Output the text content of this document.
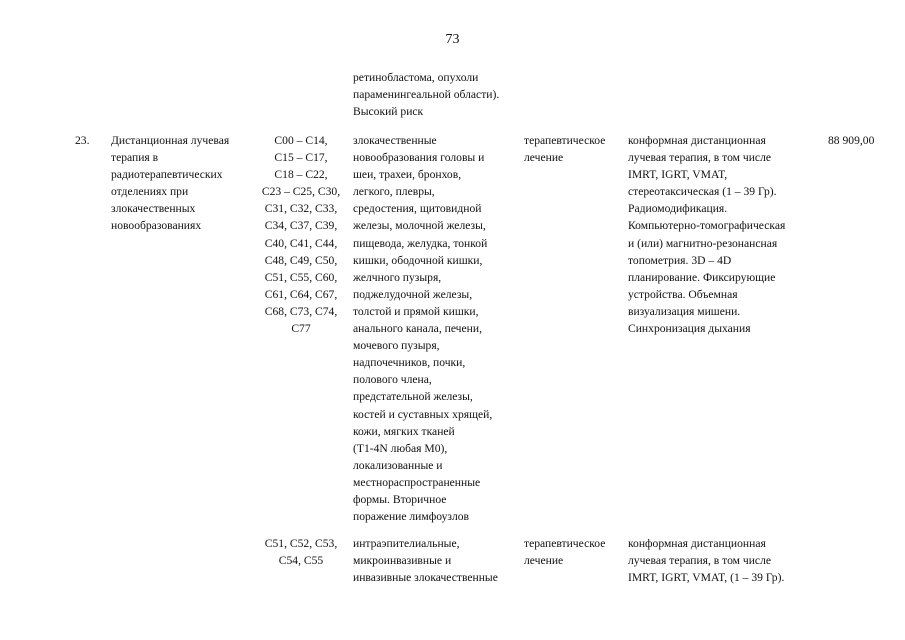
73
ретинобластома, опухоли
параменингеальной области).
Высокий риск
23. Дистанционная лучевая
терапия в
радиотерапевтических
отделениях при
злокачественных
новообразованиях
С00 – С14,
С15 – С17,
С18 – С22,
С23 – С25, С30,
С31, С32, С33,
С34, С37, С39,
С40, С41, С44,
С48, С49, С50,
С51, С55, С60,
С61, С64, С67,
С68, С73, С74,
С77
злокачественные
новообразования головы и
шеи, трахеи, бронхов,
легкого, плевры,
средостения, щитовидной
железы, молочной железы,
пищевода, желудка, тонкой
кишки, ободочной кишки,
желчного пузыря,
поджелудочной железы,
толстой и прямой кишки,
анального канала, печени,
мочевого пузыря,
надпочечников, почки,
полового члена,
предстательной железы,
костей и суставных хрящей,
кожи, мягких тканей
(Т1-4N любая М0),
локализованные и
местнораспространенные
формы. Вторичное
поражение лимфоузлов
терапевтическое
лечение
конформная дистанционная
лучевая терапия, в том числе
IMRT, IGRT, VMAT,
стереотаксическая (1 – 39 Гр).
Радиомодификация.
Компьютерно-томографическая
и (или) магнитно-резонансная
топометрия. 3D – 4D
планирование. Фиксирующие
устройства. Объемная
визуализация мишени.
Синхронизация дыхания
88 909,00
С51, С52, С53,
С54, С55
интраэпителиальные,
микроинвазивные и
инвазивные злокачественные
терапевтическое
лечение
конформная дистанционная
лучевая терапия, в том числе
IMRT, IGRT, VMAT, (1 – 39 Гр).
